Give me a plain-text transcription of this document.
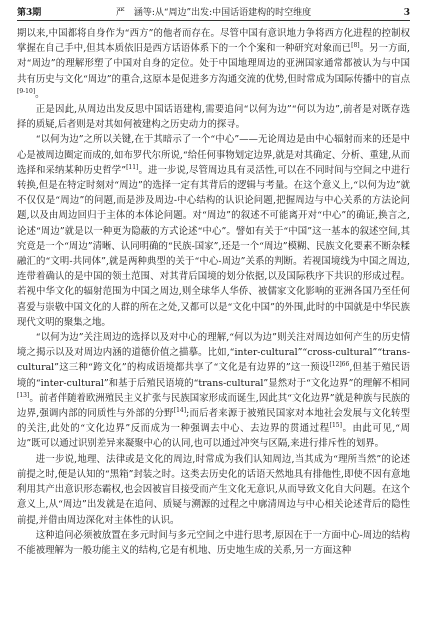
第3期	严　涵等:从“周边”出发:中国话语建构的时空维度	3

期以来,中国都将自身作为“西方”的他者而存在。尽管中国有意识地力争将西方化进程的控制权掌握在自己手中,但其本质依旧是西方话语体系下的一个个案和一种研究对象而已[8]。另一方面,对“周边”的理解形塑了中国对自身的定位。处于中国地理周边的亚洲国家通常都被认为与中国共有历史与文化“周边”的重合,这原本是促进多方沟通交流的优势,但时常成为国际传播中的盲点[9-10]。

正是因此,从周边出发反思中国话语建构,需要追问“以何为边”“何以为边”,前者是对既存选择的质疑,后者则是对其如何被建构之历史动力的探寻。

“以何为边”之所以关键,在于其暗示了一个“中心”——无论周边是由中心辐射而来的还是中心是被周边圈定而成的,如布罗代尔所说,“给任何事物划定边界,就是对其确定、分析、重建,从而选择和采纳某种历史哲学”[11]。进一步说,尽管周边具有灵活性,可以在不同时间与空间之中进行转换,但是在特定时刻对“周边”的选择一定有其背后的逻辑与考量。在这个意义上,“以何为边”就不仅仅是“周边”的问题,而是涉及周边-中心结构的认识论问题,把握周边与中心关系的方法论问题,以及由周边回归于主体的本体论问题。对“周边”的叙述不可能离开对“中心”的确证,换言之,论述“周边”就是以一种更为隐蔽的方式论述“中心”。譬如有关于“中国”这一基本的叙述空间,其究竟是一个“周边”清晰、认同明确的“民族-国家”,还是一个“周边”模糊、民族文化要素不断杂糅融汇的“文明-共同体”,就是两种典型的关于“中心-周边”关系的判断。若视国境线为中国之周边,连带着确认的是中国的领土范围、对其背后国境的划分依据,以及国际秩序下共识的形成过程。若视中华文化的辐射范围为中国之周边,则全球华人华侨、被儒家文化影响的亚洲各国乃至任何喜爱与崇敬中国文化的人群的所在之处,又都可以是“文化中国”的外围,此时的中国就是中华民族现代文明的聚集之地。

“以何为边”关注周边的选择以及对中心的理解,“何以为边”则关注对周边如何产生的历史情境之揭示以及对周边内涵的道德价值之描摹。比如,“inter-cultural”“cross-cultural”“trans-cultural”这三种“跨文化”的构成语境都共享了“文化是有边界的”这一预设$^{[12]66}$,但基于殖民语境的“inter-cultural”和基于后殖民语境的“trans-cultural”显然对于“文化边界”的理解不相同[13]。前者伴随着欧洲殖民主义扩张与民族国家形成而诞生,因此其“文化边界”就是种族与民族的边界,强调内部的同质性与外部的分野[14];而后者来源于被殖民国家对本地社会发展与文化转型的关注,此处的“文化边界”反而成为一种强调去中心、去边界的贯通过程[15]。由此可见,“周边”既可以通过识别差异来凝聚中心的认同,也可以通过冲突与区隔,来进行排斥性的划界。

进一步说,地理、法律或是文化的周边,时常成为我们认知周边,当其成为“理所当然”的论述前提之时,便是认知的“黑箱”封装之时。这类去历史化的话语天然地具有排他性,即使不因有意地利用其产出意识形态霸权,也会因被盲目接受而产生文化无意识,从而导致文化自大问题。在这个意义上,从“周边”出发就是在追问、质疑与溯源的过程之中廓清周边与中心相关论述背后的隐性前提,并借由周边深化对主体性的认识。

这种追问必须被放置在多元时间与多元空间之中进行思考,原因在于一方面中心-周边的结构不能被理解为一般功能主义的结构,它是有机地、历史地生成的关系,另一方面这种
